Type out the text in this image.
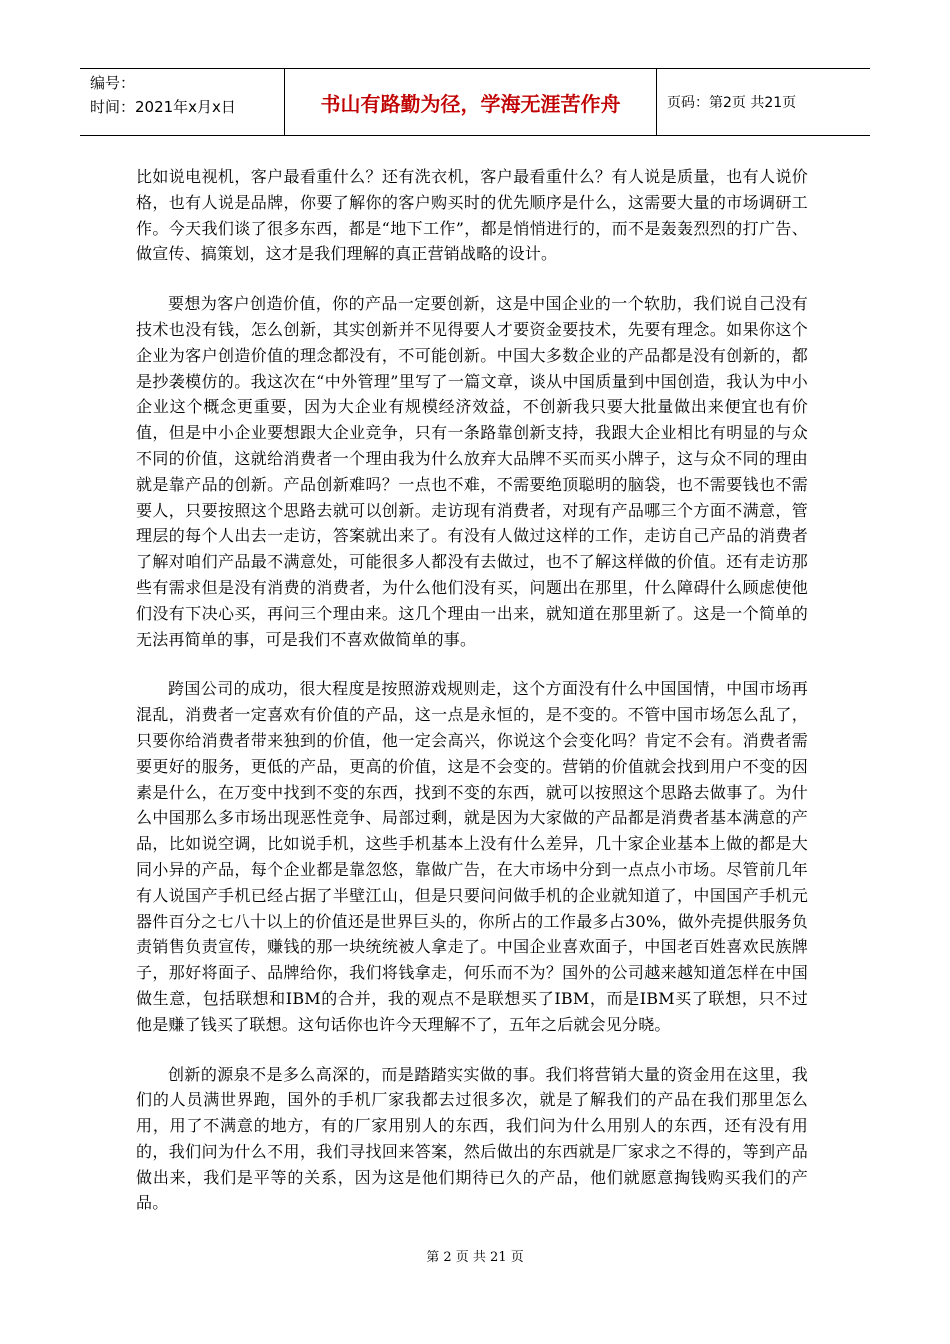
编号：
时间：2021年x月x日	书山有路勤为径，学海无涯苦作舟	页码：第2页 共21页

比如说电视机，客户最看重什么？还有洗衣机，客户最看重什么？有人说是质量，也有人说价格，也有人说是品牌，你要了解你的客户购买时的优先顺序是什么，这需要大量的市场调研工作。今天我们谈了很多东西，都是“地下工作”，都是悄悄进行的，而不是轰轰烈烈的打广告、做宣传、搞策划，这才是我们理解的真正营销战略的设计。

要想为客户创造价值，你的产品一定要创新，这是中国企业的一个软肋，我们说自己没有技术也没有钱，怎么创新，其实创新并不见得要人才要资金要技术，先要有理念。如果你这个企业为客户创造价值的理念都没有，不可能创新。中国大多数企业的产品都是没有创新的，都是抄袭模仿的。我这次在“中外管理”里写了一篇文章，谈从中国质量到中国创造，我认为中小企业这个概念更重要，因为大企业有规模经济效益，不创新我只要大批量做出来便宜也有价值，但是中小企业要想跟大企业竞争，只有一条路靠创新支持，我跟大企业相比有明显的与众不同的价值，这就给消费者一个理由我为什么放弃大品牌不买而买小牌子，这与众不同的理由就是靠产品的创新。产品创新难吗？一点也不难，不需要绝顶聪明的脑袋，也不需要钱也不需要人，只要按照这个思路去就可以创新。走访现有消费者，对现有产品哪三个方面不满意，管理层的每个人出去一走访，答案就出来了。有没有人做过这样的工作，走访自己产品的消费者了解对咱们产品最不满意处，可能很多人都没有去做过，也不了解这样做的价值。还有走访那些有需求但是没有消费的消费者，为什么他们没有买，问题出在那里，什么障碍什么顾虑使他们没有下决心买，再问三个理由来。这几个理由一出来，就知道在那里新了。这是一个简单的无法再简单的事，可是我们不喜欢做简单的事。

跨国公司的成功，很大程度是按照游戏规则走，这个方面没有什么中国国情，中国市场再混乱，消费者一定喜欢有价值的产品，这一点是永恒的，是不变的。不管中国市场怎么乱了，只要你给消费者带来独到的价值，他一定会高兴，你说这个会变化吗？肯定不会有。消费者需要更好的服务，更低的产品，更高的价值，这是不会变的。营销的价值就会找到用户不变的因素是什么，在万变中找到不变的东西，找到不变的东西，就可以按照这个思路去做事了。为什么中国那么多市场出现恶性竞争、局部过剩，就是因为大家做的产品都是消费者基本满意的产品，比如说空调，比如说手机，这些手机基本上没有什么差异，几十家企业基本上做的都是大同小异的产品，每个企业都是靠忽悠，靠做广告，在大市场中分到一点点小市场。尽管前几年有人说国产手机已经占据了半壁江山，但是只要问问做手机的企业就知道了，中国国产手机元器件百分之七八十以上的价值还是世界巨头的，你所占的工作最多占30%，做外壳提供服务负责销售负责宣传，赚钱的那一块统统被人拿走了。中国企业喜欢面子，中国老百姓喜欢民族牌子，那好将面子、品牌给你，我们将钱拿走，何乐而不为？国外的公司越来越知道怎样在中国做生意，包括联想和IBM的合并，我的观点不是联想买了IBM，而是IBM买了联想，只不过他是赚了钱买了联想。这句话你也许今天理解不了，五年之后就会见分晓。

创新的源泉不是多么高深的，而是踏踏实实做的事。我们将营销大量的资金用在这里，我们的人员满世界跑，国外的手机厂家我都去过很多次，就是了解我们的产品在我们那里怎么用，用了不满意的地方，有的厂家用别人的东西，我们问为什么用别人的东西，还有没有用的，我们问为什么不用，我们寻找回来答案，然后做出的东西就是厂家求之不得的，等到产品做出来，我们是平等的关系，因为这是他们期待已久的产品，他们就愿意掏钱购买我们的产品。

第 2 页 共 21 页
